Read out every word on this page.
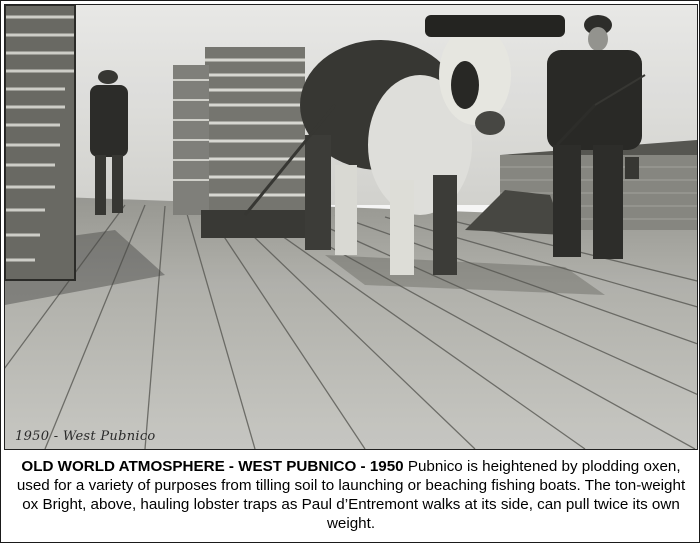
1950 - West Pubnico
OLD WORLD ATMOSPHERE - WEST PUBNICO - 1950 Pubnico is heightened by plodding oxen, used for a variety of purposes from tilling soil to launching or beaching fishing boats. The ton-weight ox Bright, above, hauling lobster traps as Paul d’Entremont walks at its side, can pull twice its own weight.
